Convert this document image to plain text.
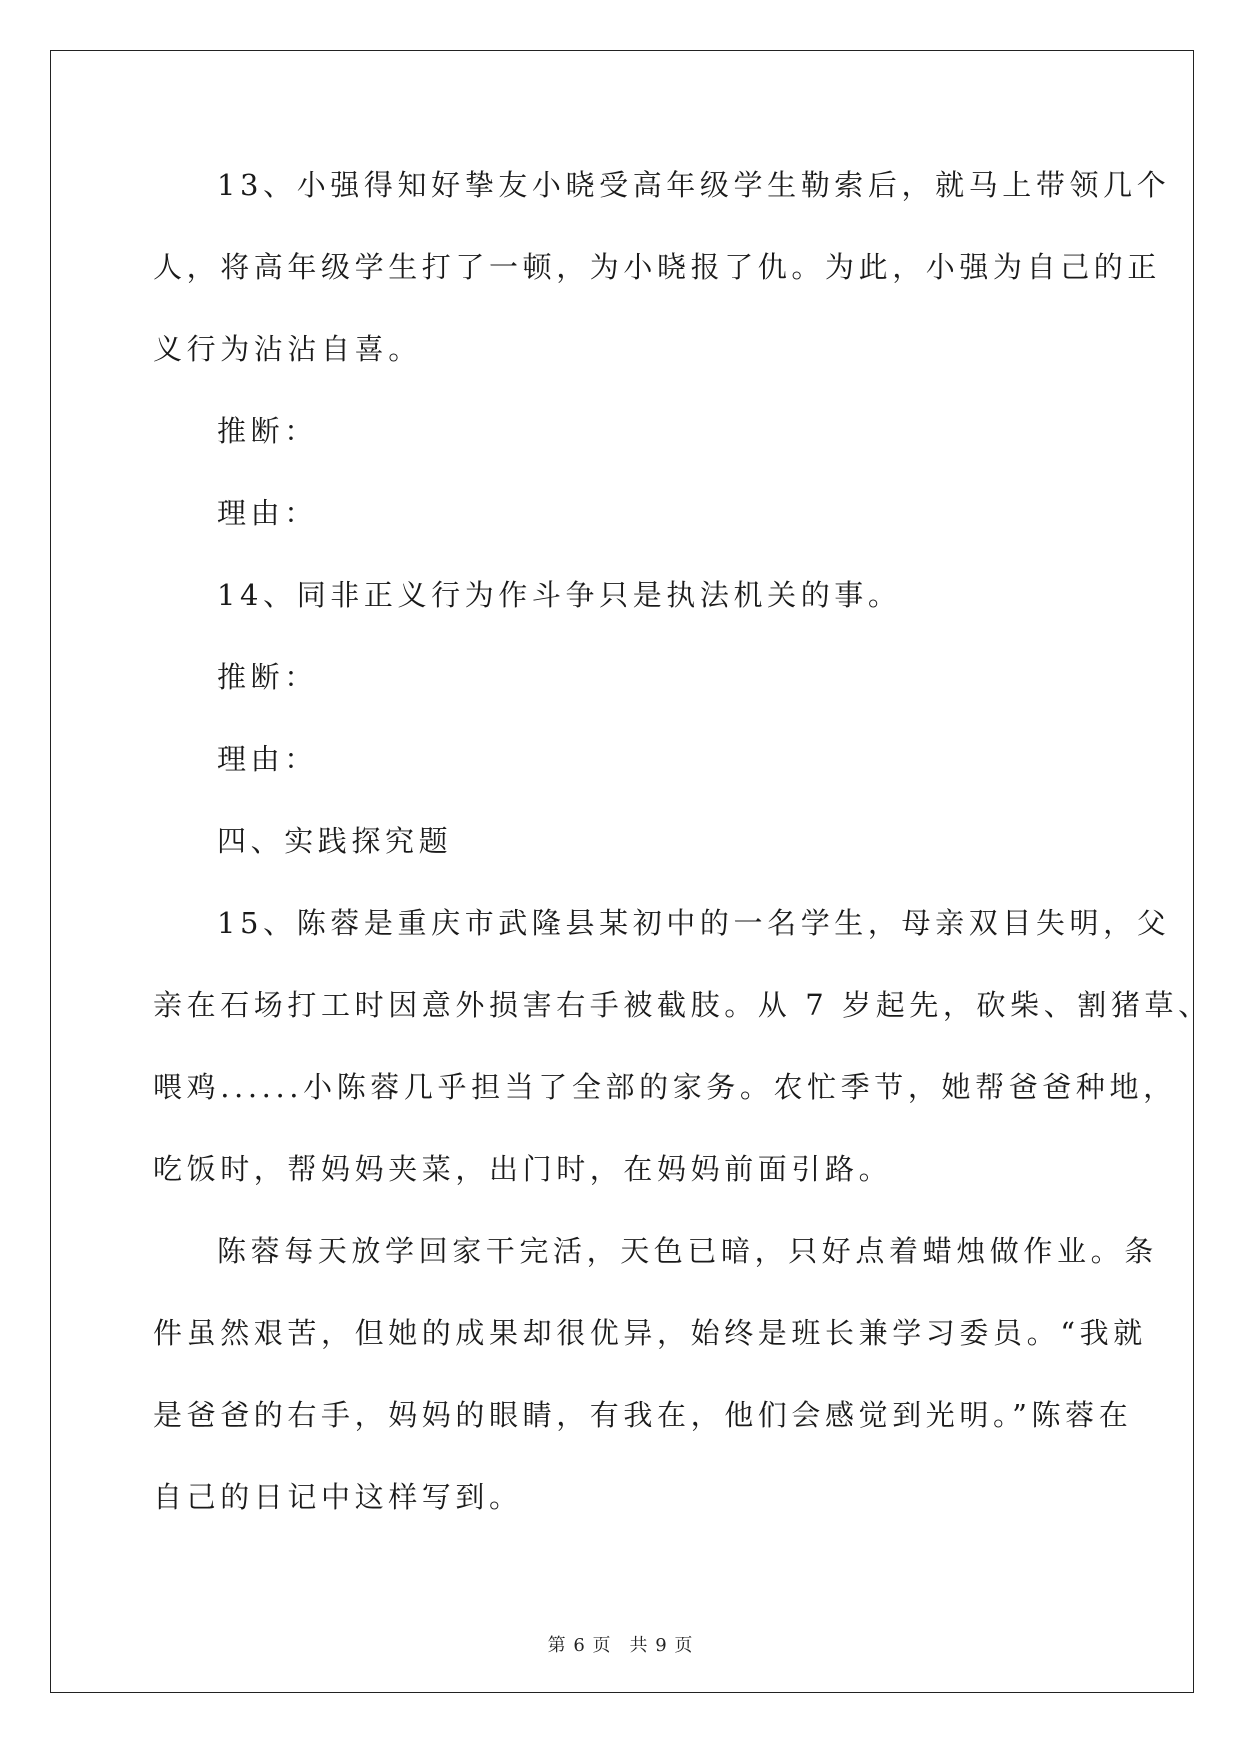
13、小强得知好挚友小晓受高年级学生勒索后，就马上带领几个
人，将高年级学生打了一顿，为小晓报了仇。为此，小强为自己的正
义行为沾沾自喜。
推断：
理由：
14、同非正义行为作斗争只是执法机关的事。
推断：
理由：
四、实践探究题
15、陈蓉是重庆市武隆县某初中的一名学生，母亲双目失明，父
亲在石场打工时因意外损害右手被截肢。从 7 岁起先，砍柴、割猪草、
喂鸡......小陈蓉几乎担当了全部的家务。农忙季节，她帮爸爸种地，
吃饭时，帮妈妈夹菜，出门时，在妈妈前面引路。
陈蓉每天放学回家干完活，天色已暗，只好点着蜡烛做作业。条
件虽然艰苦，但她的成果却很优异，始终是班长兼学习委员。“我就
是爸爸的右手，妈妈的眼睛，有我在，他们会感觉到光明。”陈蓉在
自己的日记中这样写到。
第 6 页 共 9 页
